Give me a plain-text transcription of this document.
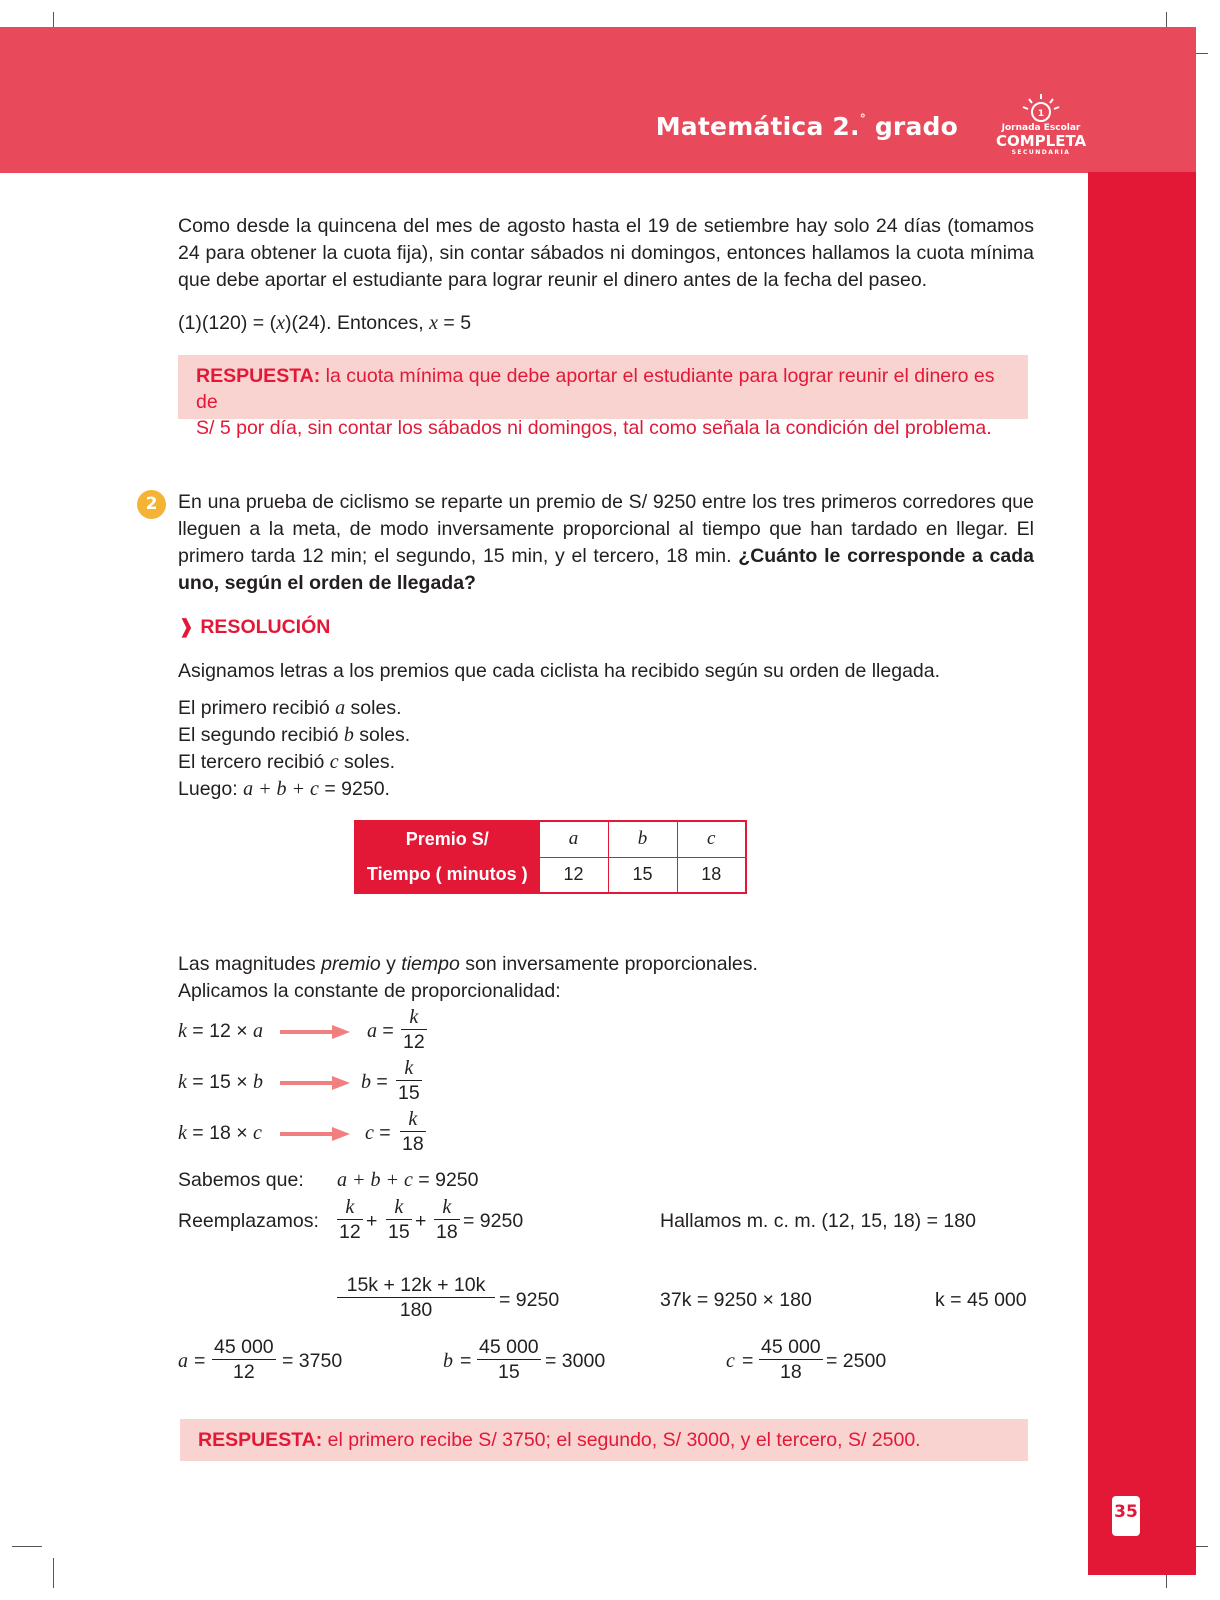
Matemática 2.° grado	1
Jornada Escolar
COMPLETA
SECUNDARIA
35
Como desde la quincena del mes de agosto hasta el 19 de setiembre hay solo 24 días (tomamos 24 para obtener la cuota fija), sin contar sábados ni domingos, entonces hallamos la cuota mínima que debe aportar el estudiante para lograr reunir el dinero antes de la fecha del paseo.
(1)(120) = (x)(24). Entonces, x = 5
RESPUESTA: la cuota mínima que debe aportar el estudiante para lograr reunir el dinero es de
S/ 5 por día, sin contar los sábados ni domingos, tal como señala la condición del problema.
2	En una prueba de ciclismo se reparte un premio de S/ 9250 entre los tres primeros corredores que lleguen a la meta, de modo inversamente proporcional al tiempo que han tardado en llegar. El primero tarda 12 min; el segundo, 15 min, y el tercero, 18 min. ¿Cuánto le corresponde a cada uno, según el orden de llegada?
❱ RESOLUCIÓN
Asignamos letras a los premios que cada ciclista ha recibido según su orden de llegada.
El primero recibió a soles.
El segundo recibió b soles.
El tercero recibió c soles.
Luego: a + b + c = 9250.
Premio S/	a	b	c
Tiempo ( minutos )	12	15	18
Las magnitudes premio y tiempo son inversamente proporcionales.
Aplicamos la constante de proporcionalidad:
k = 12 × a	$a = \frac{k}{12}$
k = 15 × b	$b = \frac{k}{15}$
k = 18 × c	$c = \frac{k}{18}$
Sabemos que: a + b + c = 9250
Reemplazamos: $\frac{k}{12} + \frac{k}{15} + \frac{k}{18} = 9250$	Hallamos m. c. m. (12, 15, 18) = 180
$\frac{15k + 12k + 10k}{180} = 9250$	37k = 9250 × 180	k = 45 000
$a = \frac{45 000}{12} = 3750$	$b = \frac{45 000}{15} = 3000$	$c = \frac{45 000}{18} = 2500$
RESPUESTA: el primero recibe S/ 3750; el segundo, S/ 3000, y el tercero, S/ 2500.
